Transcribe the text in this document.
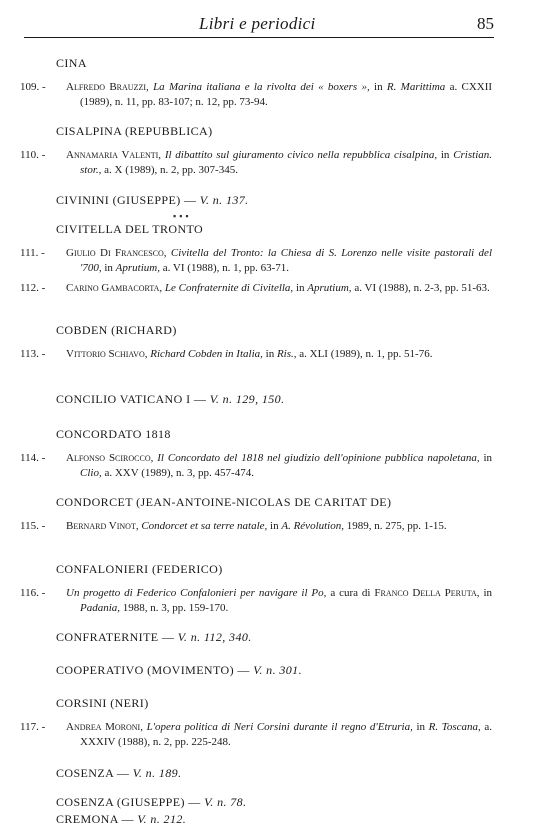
Libri e periodici	85
CINA
109. - Alfredo Brauzzi, La Marina italiana e la rivolta dei « boxers », in R. Marittima a. CXXII (1989), n. 11, pp. 83-107; n. 12, pp. 73-94.
CISALPINA (REPUBBLICA)
110. - Annamaria Valenti, Il dibattito sul giuramento civico nella repubblica cisalpina, in Cristian. stor., a. X (1989), n. 2, pp. 307-345.
CIVININI (GIUSEPPE) — V. n. 137.
▪▪▪
CIVITELLA DEL TRONTO
111. - Giulio Di Francesco, Civitella del Tronto: la Chiesa di S. Lorenzo nelle visite pastorali del '700, in Aprutium, a. VI (1988), n. 1, pp. 63-71.
112. - Carino Gambacorta, Le Confraternite di Civitella, in Aprutium, a. VI (1988), n. 2-3, pp. 51-63.
COBDEN (RICHARD)
113. - Vittorio Schiavo, Richard Cobden in Italia, in Ris., a. XLI (1989), n. 1, pp. 51-76.
CONCILIO VATICANO I — V. n. 129, 150.
CONCORDATO 1818
114. - Alfonso Scirocco, Il Concordato del 1818 nel giudizio dell'opinione pubblica napoletana, in Clio, a. XXV (1989), n. 3, pp. 457-474.
CONDORCET (JEAN-ANTOINE-NICOLAS DE CARITAT DE)
115. - Bernard Vinot, Condorcet et sa terre natale, in A. Révolution, 1989, n. 275, pp. 1-15.
CONFALONIERI (FEDERICO)
116. - Un progetto di Federico Confalonieri per navigare il Po, a cura di Franco Della Peruta, in Padania, 1988, n. 3, pp. 159-170.
CONFRATERNITE — V. n. 112, 340.
COOPERATIVO (MOVIMENTO) — V. n. 301.
CORSINI (NERI)
117. - Andrea Moroni, L'opera politica di Neri Corsini durante il regno d'Etruria, in R. Toscana, a. XXXIV (1988), n. 2, pp. 225-248.
COSENZA — V. n. 189.
COSENZA (GIUSEPPE) — V. n. 78.
CREMONA — V. n. 212.
